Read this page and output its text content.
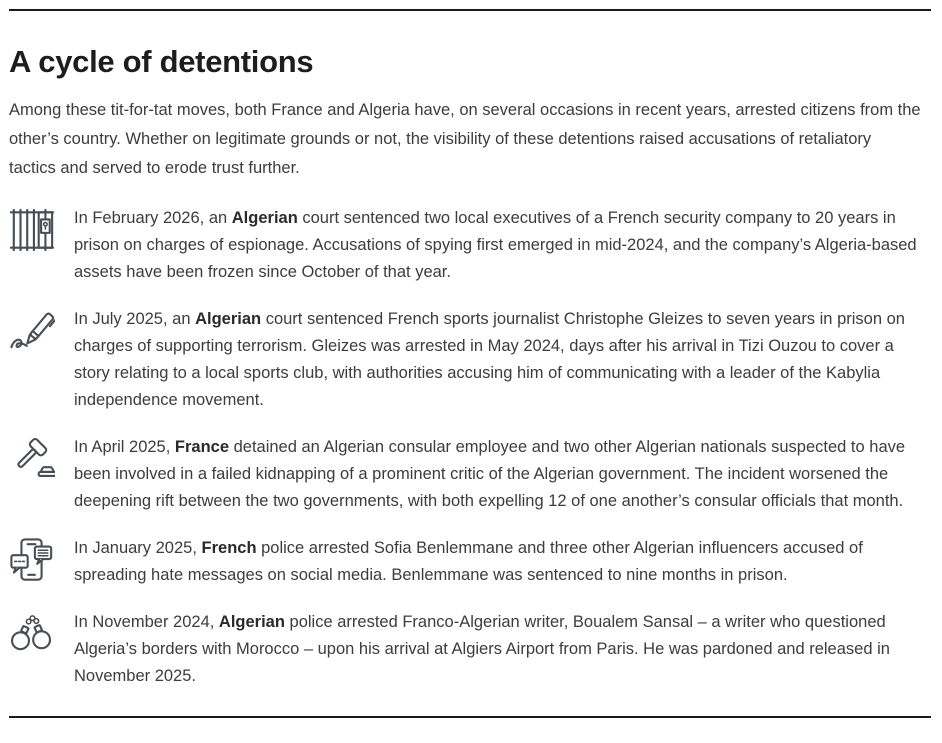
A cycle of detentions

Among these tit-for-tat moves, both France and Algeria have, on several occasions in recent years, arrested citizens from the other’s country. Whether on legitimate grounds or not, the visibility of these detentions raised accusations of retaliatory tactics and served to erode trust further.

In February 2026, an Algerian court sentenced two local executives of a French security company to 20 years in prison on charges of espionage. Accusations of spying first emerged in mid-2024, and the company’s Algeria-based assets have been frozen since October of that year.
In July 2025, an Algerian court sentenced French sports journalist Christophe Gleizes to seven years in prison on charges of supporting terrorism. Gleizes was arrested in May 2024, days after his arrival in Tizi Ouzou to cover a story relating to a local sports club, with authorities accusing him of communicating with a leader of the Kabylia independence movement.
In April 2025, France detained an Algerian consular employee and two other Algerian nationals suspected to have been involved in a failed kidnapping of a prominent critic of the Algerian government. The incident worsened the deepening rift between the two governments, with both expelling 12 of one another’s consular officials that month.
In January 2025, French police arrested Sofia Benlemmane and three other Algerian influencers accused of spreading hate messages on social media. Benlemmane was sentenced to nine months in prison.
In November 2024, Algerian police arrested Franco-Algerian writer, Boualem Sansal – a writer who questioned Algeria’s borders with Morocco – upon his arrival at Algiers Airport from Paris. He was pardoned and released in November 2025.
